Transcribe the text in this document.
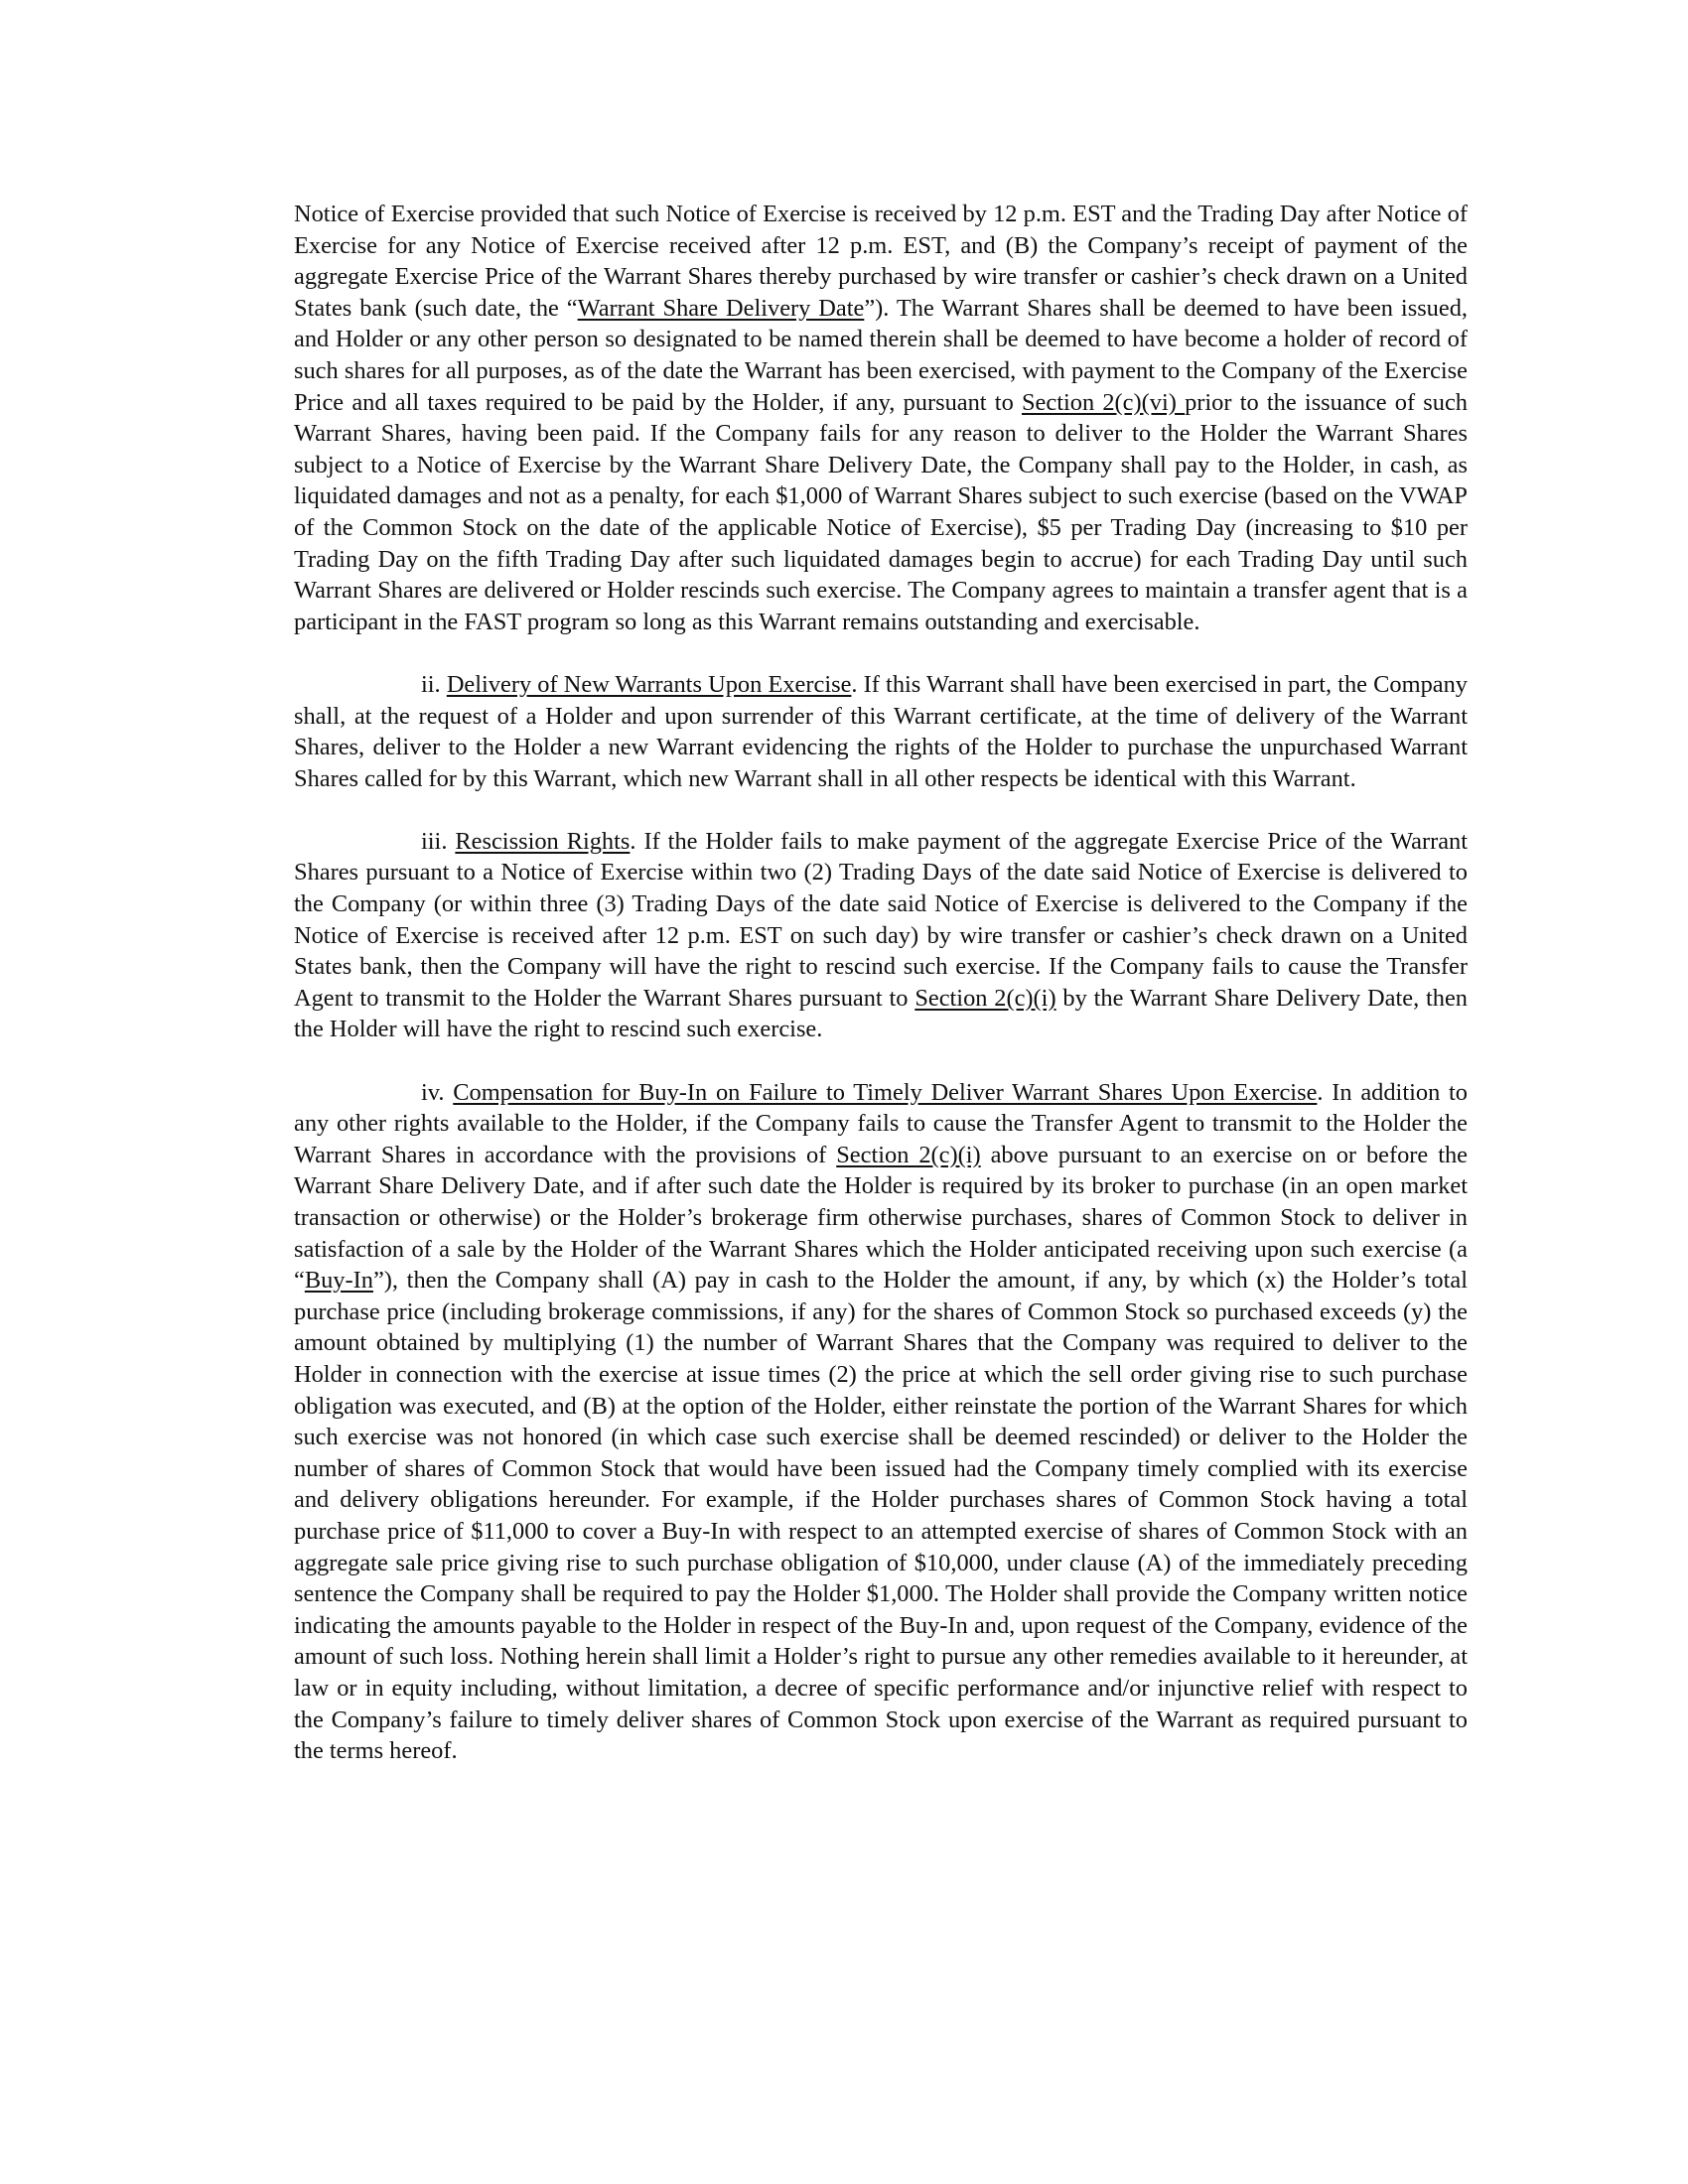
Notice of Exercise provided that such Notice of Exercise is received by 12 p.m. EST and the Trading Day after Notice of Exercise for any Notice of Exercise received after 12 p.m. EST, and (B) the Company’s receipt of payment of the aggregate Exercise Price of the Warrant Shares thereby purchased by wire transfer or cashier’s check drawn on a United States bank (such date, the “Warrant Share Delivery Date”). The Warrant Shares shall be deemed to have been issued, and Holder or any other person so designated to be named therein shall be deemed to have become a holder of record of such shares for all purposes, as of the date the Warrant has been exercised, with payment to the Company of the Exercise Price and all taxes required to be paid by the Holder, if any, pursuant to Section 2(c)(vi) prior to the issuance of such Warrant Shares, having been paid. If the Company fails for any reason to deliver to the Holder the Warrant Shares subject to a Notice of Exercise by the Warrant Share Delivery Date, the Company shall pay to the Holder, in cash, as liquidated damages and not as a penalty, for each $1,000 of Warrant Shares subject to such exercise (based on the VWAP of the Common Stock on the date of the applicable Notice of Exercise), $5 per Trading Day (increasing to $10 per Trading Day on the fifth Trading Day after such liquidated damages begin to accrue) for each Trading Day until such Warrant Shares are delivered or Holder rescinds such exercise. The Company agrees to maintain a transfer agent that is a participant in the FAST program so long as this Warrant remains outstanding and exercisable.

ii. Delivery of New Warrants Upon Exercise. If this Warrant shall have been exercised in part, the Company shall, at the request of a Holder and upon surrender of this Warrant certificate, at the time of delivery of the Warrant Shares, deliver to the Holder a new Warrant evidencing the rights of the Holder to purchase the unpurchased Warrant Shares called for by this Warrant, which new Warrant shall in all other respects be identical with this Warrant.

iii. Rescission Rights. If the Holder fails to make payment of the aggregate Exercise Price of the Warrant Shares pursuant to a Notice of Exercise within two (2) Trading Days of the date said Notice of Exercise is delivered to the Company (or within three (3) Trading Days of the date said Notice of Exercise is delivered to the Company if the Notice of Exercise is received after 12 p.m. EST on such day) by wire transfer or cashier’s check drawn on a United States bank, then the Company will have the right to rescind such exercise. If the Company fails to cause the Transfer Agent to transmit to the Holder the Warrant Shares pursuant to Section 2(c)(i) by the Warrant Share Delivery Date, then the Holder will have the right to rescind such exercise.

iv. Compensation for Buy-In on Failure to Timely Deliver Warrant Shares Upon Exercise. In addition to any other rights available to the Holder, if the Company fails to cause the Transfer Agent to transmit to the Holder the Warrant Shares in accordance with the provisions of Section 2(c)(i) above pursuant to an exercise on or before the Warrant Share Delivery Date, and if after such date the Holder is required by its broker to purchase (in an open market transaction or otherwise) or the Holder’s brokerage firm otherwise purchases, shares of Common Stock to deliver in satisfaction of a sale by the Holder of the Warrant Shares which the Holder anticipated receiving upon such exercise (a “Buy-In”), then the Company shall (A) pay in cash to the Holder the amount, if any, by which (x) the Holder’s total purchase price (including brokerage commissions, if any) for the shares of Common Stock so purchased exceeds (y) the amount obtained by multiplying (1) the number of Warrant Shares that the Company was required to deliver to the Holder in connection with the exercise at issue times (2) the price at which the sell order giving rise to such purchase obligation was executed, and (B) at the option of the Holder, either reinstate the portion of the Warrant Shares for which such exercise was not honored (in which case such exercise shall be deemed rescinded) or deliver to the Holder the number of shares of Common Stock that would have been issued had the Company timely complied with its exercise and delivery obligations hereunder. For example, if the Holder purchases shares of Common Stock having a total purchase price of $11,000 to cover a Buy-In with respect to an attempted exercise of shares of Common Stock with an aggregate sale price giving rise to such purchase obligation of $10,000, under clause (A) of the immediately preceding sentence the Company shall be required to pay the Holder $1,000. The Holder shall provide the Company written notice indicating the amounts payable to the Holder in respect of the Buy-In and, upon request of the Company, evidence of the amount of such loss. Nothing herein shall limit a Holder’s right to pursue any other remedies available to it hereunder, at law or in equity including, without limitation, a decree of specific performance and/or injunctive relief with respect to the Company’s failure to timely deliver shares of Common Stock upon exercise of the Warrant as required pursuant to the terms hereof.
